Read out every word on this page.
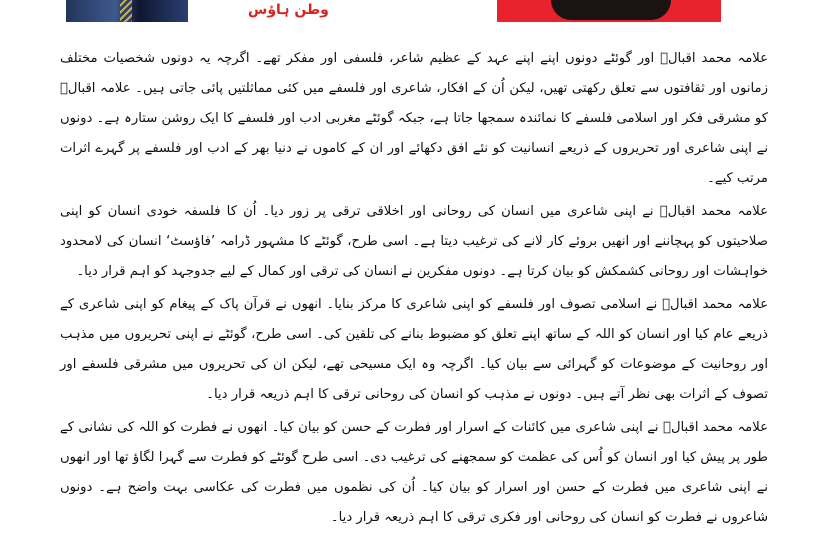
وطن ہاؤس

علامہ محمد اقبالؒ اور گوئٹے دونوں اپنے اپنے عہد کے عظیم شاعر، فلسفی اور مفکر تھے۔ اگرچہ یہ دونوں شخصیات مختلف زمانوں اور ثقافتوں سے تعلق رکھتی تھیں، لیکن اُن کے افکار، شاعری اور فلسفے میں کئی مماثلتیں پائی جاتی ہیں۔ علامہ اقبالؒ کو مشرقی فکر اور اسلامی فلسفے کا نمائندہ سمجھا جاتا ہے، جبکہ گوئٹے مغربی ادب اور فلسفے کا ایک روشن ستارہ ہے۔ دونوں نے اپنی شاعری اور تحریروں کے ذریعے انسانیت کو نئے افق دکھائے اور ان کے کاموں نے دنیا بھر کے ادب اور فلسفے پر گہرے اثرات مرتب کیے۔

علامہ محمد اقبالؒ نے اپنی شاعری میں انسان کی روحانی اور اخلاقی ترقی پر زور دیا۔ اُن کا فلسفہ خودی انسان کو اپنی صلاحیتوں کو پہچاننے اور انھیں بروئے کار لانے کی ترغیب دیتا ہے۔ اسی طرح، گوئٹے کا مشہور ڈرامہ ’فاؤسٹ‘ انسان کی لامحدود خواہشات اور روحانی کشمکش کو بیان کرتا ہے۔ دونوں مفکرین نے انسان کی ترقی اور کمال کے لیے جدوجہد کو اہم قرار دیا۔

علامہ محمد اقبالؒ نے اسلامی تصوف اور فلسفے کو اپنی شاعری کا مرکز بنایا۔ انھوں نے قرآن پاک کے پیغام کو اپنی شاعری کے ذریعے عام کیا اور انسان کو اللہ کے ساتھ اپنے تعلق کو مضبوط بنانے کی تلقین کی۔ اسی طرح، گوئٹے نے اپنی تحریروں میں مذہب اور روحانیت کے موضوعات کو گہرائی سے بیان کیا۔ اگرچہ وہ ایک مسیحی تھے، لیکن ان کی تحریروں میں مشرقی فلسفے اور تصوف کے اثرات بھی نظر آتے ہیں۔ دونوں نے مذہب کو انسان کی روحانی ترقی کا اہم ذریعہ قرار دیا۔

علامہ محمد اقبالؒ نے اپنی شاعری میں کائنات کے اسرار اور فطرت کے حسن کو بیان کیا۔ انھوں نے فطرت کو اللہ کی نشانی کے طور پر پیش کیا اور انسان کو اُس کی عظمت کو سمجھنے کی ترغیب دی۔ اسی طرح گوئٹے کو فطرت سے گہرا لگاؤ تھا اور انھوں نے اپنی شاعری میں فطرت کے حسن اور اسرار کو بیان کیا۔ اُن کی نظموں میں فطرت کی عکاسی بہت واضح ہے۔ دونوں شاعروں نے فطرت کو انسان کی روحانی اور فکری ترقی کا اہم ذریعہ قرار دیا۔
